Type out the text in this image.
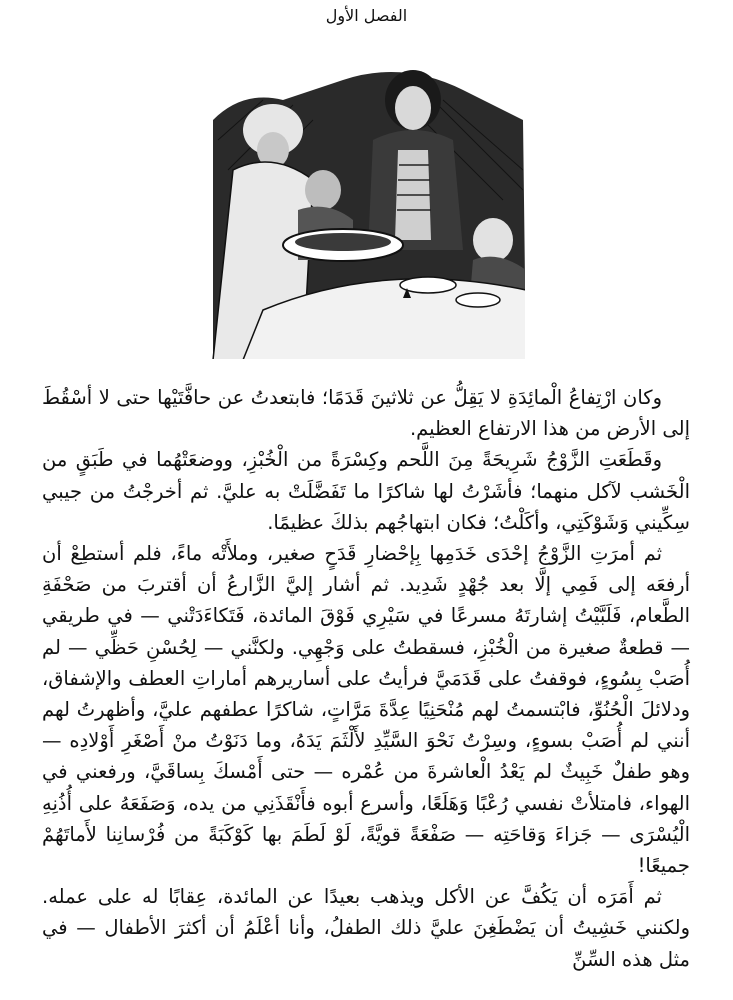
الفصل الأول

وكان ارْتِفاعُ الْمائِدَةِ لا يَقِلُّ عن ثلاثينَ قَدَمًا؛ فابتعدتُ عن حافَّتَيْها حتى لا أسْقُطَ إلى الأرض من هذا الارتفاع العظيم.

وقَطَعَتِ الزَّوْجُ شَرِيحَةً مِنَ اللَّحم وكِسْرَةً من الْخُبْزِ، ووضعَتْهُما في طَبَقٍ من الْخَشب لآكل منهما؛ فأشَرْتُ لها شاكرًا ما تَفَضَّلَتْ به عليَّ. ثم أخرجْتُ من جيبي سِكِّيني وَشَوْكَتِي، وأكَلْتُ؛ فكان ابتهاجُهم بذلكَ عظيمًا.

ثم أمرَتِ الزَّوْجُ إحْدَى خَدَمِها بِإحْضارِ قَدَحٍ صغير، وملأَتْه ماءً، فلم أستطِعْ أن أرفعَه إلى فَمِي إلَّا بعد جُهْدٍ شَدِيد. ثم أشار إليَّ الزَّارعُ أن أقتربَ من صَحْفَةِ الطَّعام، فَلَبَّيْتُ إشارتَهُ مسرعًا في سَيْرِي فَوْقَ المائدة، فَتَكاءَدَتْني — في طريقي — قطعةٌ صغيرة من الْخُبْزِ، فسقطتُ على وَجْهِي. ولكنَّني — لِحُسْنِ حَظِّي — لم أُصَبْ بِسُوءٍ، فوقفتُ على قَدَمَيَّ فرأيتُ على أساريرهم أماراتِ العطف والإشفاق، ودلائلَ الْحُنُوِّ، فابْتسمتُ لهم مُنْحَنِيًا عِدَّةَ مَرَّاتٍ، شاكرًا عطفهم عليَّ، وأظهرتُ لهم أنني لم أُصَبْ بسوءٍ، وسِرْتُ نَحْوَ السَّيِّدِ لأَلْثَمَ يَدَهُ، وما دَنَوْتُ منْ أَصْغَرِ أَوْلادِه — وهو طفلٌ خَبِيثٌ لم يَعْدُ الْعاشرةَ من عُمْره — حتى أَمْسكَ بِساقَيَّ، ورفعني في الهواء، فامتلأتْ نفسي رُعْبًا وَهَلَعًا، وأسرع أبوه فأَنْقَذَنِي من يده، وَصَفَعَهُ على أُذُنِهِ الْيُسْرَى — جَزاءَ وَقاحَتِه — صَفْعَةً قويَّةً، لَوْ لَطَمَ بها كَوْكَبَةً من فُرْسانِنا لأَماتَهُمْ جميعًا!

ثم أَمَرَه أن يَكُفَّ عن الأكل ويذهب بعيدًا عن المائدة، عِقابًا له على عمله. ولكنني خَشِيتُ أن يَضْطَغِنَ عليَّ ذلك الطفلُ، وأنا أعْلَمُ أن أكثرَ الأطفال — في مثل هذه السِّنِّ
